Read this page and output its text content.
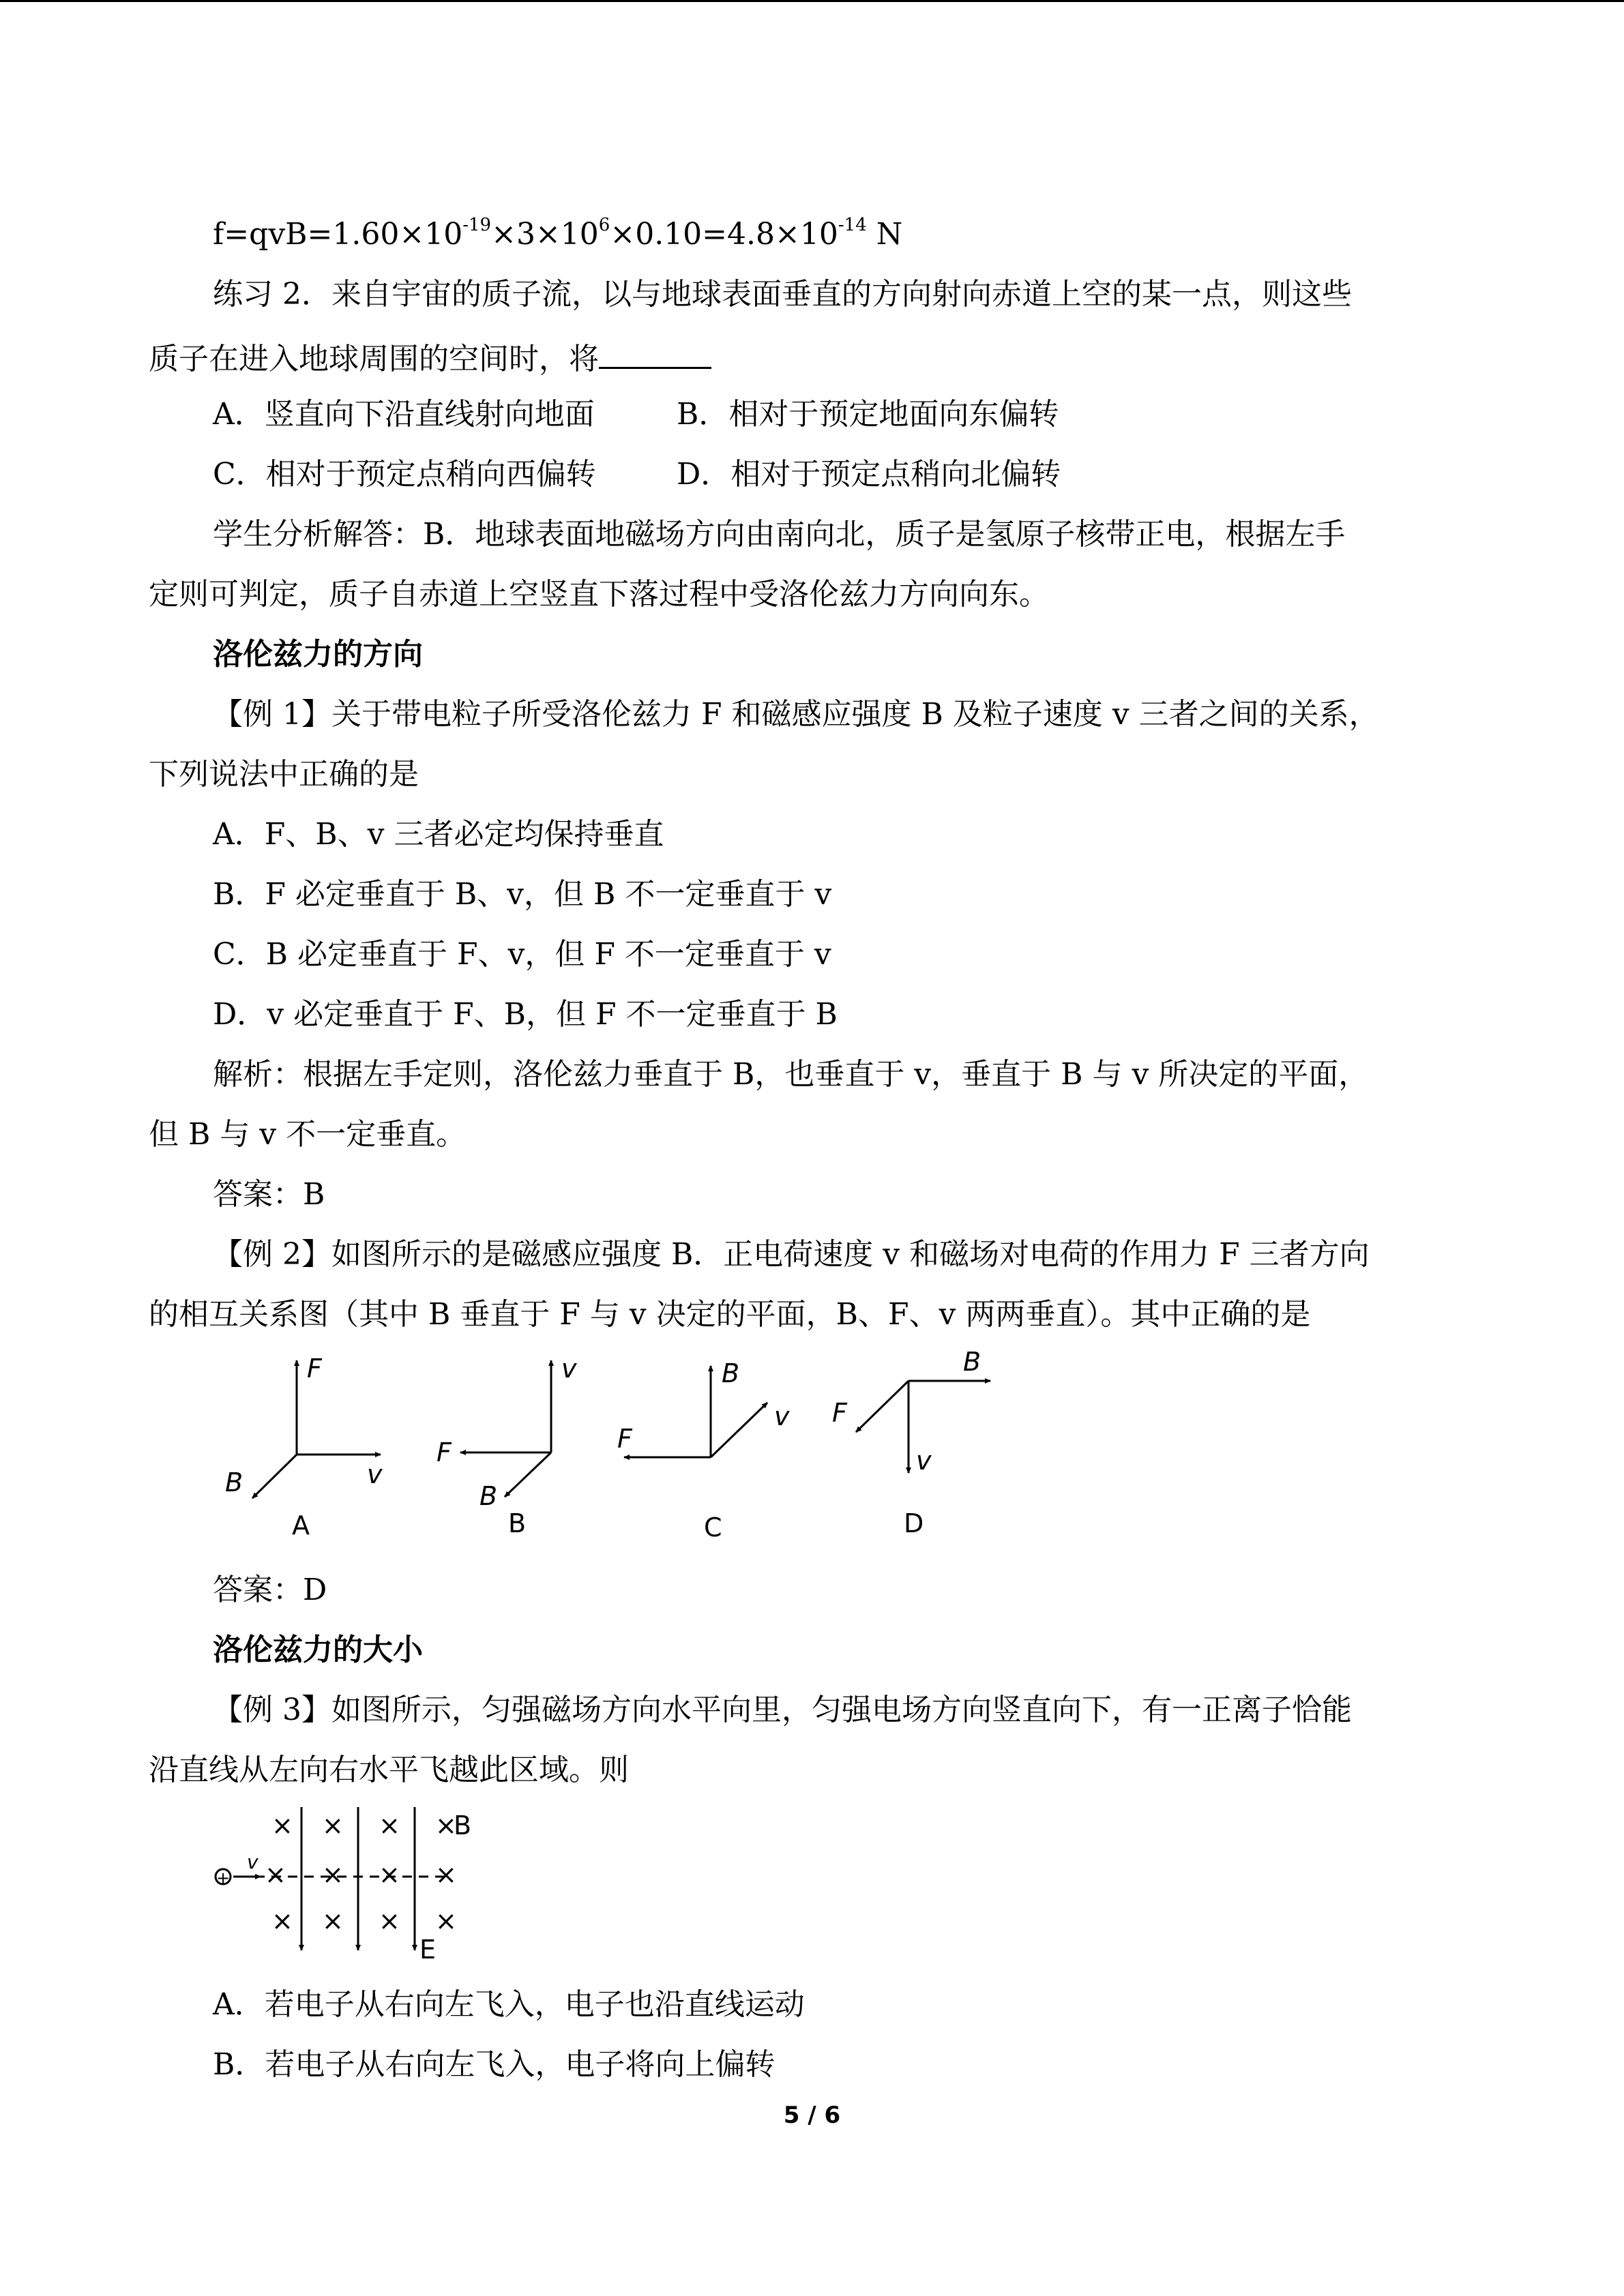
$f=qvB=1.60\times 10^{-19}\times 3\times 10^6\times 0.10=4.8\times 10^{-14}$ N
练习 2．来自宇宙的质子流，以与地球表面垂直的方向射向赤道上空的某一点，则这些
质子在进入地球周围的空间时，将
A．竖直向下沿直线射向地面	B．相对于预定地面向东偏转
C．相对于预定点稍向西偏转	D．相对于预定点稍向北偏转
学生分析解答：B．地球表面地磁场方向由南向北，质子是氢原子核带正电，根据左手
定则可判定，质子自赤道上空竖直下落过程中受洛伦兹力方向向东。
洛伦兹力的方向
【例 1】关于带电粒子所受洛伦兹力 F 和磁感应强度 B 及粒子速度 v 三者之间的关系，
下列说法中正确的是
A．F、B、v 三者必定均保持垂直
B．F 必定垂直于 B、v，但 B 不一定垂直于 v
C．B 必定垂直于 F、v，但 F 不一定垂直于 v
D．v 必定垂直于 F、B，但 F 不一定垂直于 B
解析：根据左手定则，洛伦兹力垂直于 B，也垂直于 v，垂直于 B 与 v 所决定的平面，
但 B 与 v 不一定垂直。
答案：B
【例 2】如图所示的是磁感应强度 B．正电荷速度 v 和磁场对电荷的作用力 F 三者方向
的相互关系图（其中 B 垂直于 F 与 v 决定的平面，B、F、v 两两垂直）。其中正确的是
F
v
B
v
F
B
B
F
v
B
F
v
A	B	C	D
答案：D
洛伦兹力的大小
【例 3】如图所示，匀强磁场方向水平向里，匀强电场方向竖直向下，有一正离子恰能
沿直线从左向右水平飞越此区域。则
+
v
× × × ×
B
× × × ×
× × × ×
E
A．若电子从右向左飞入，电子也沿直线运动
B．若电子从右向左飞入，电子将向上偏转
5 / 6
